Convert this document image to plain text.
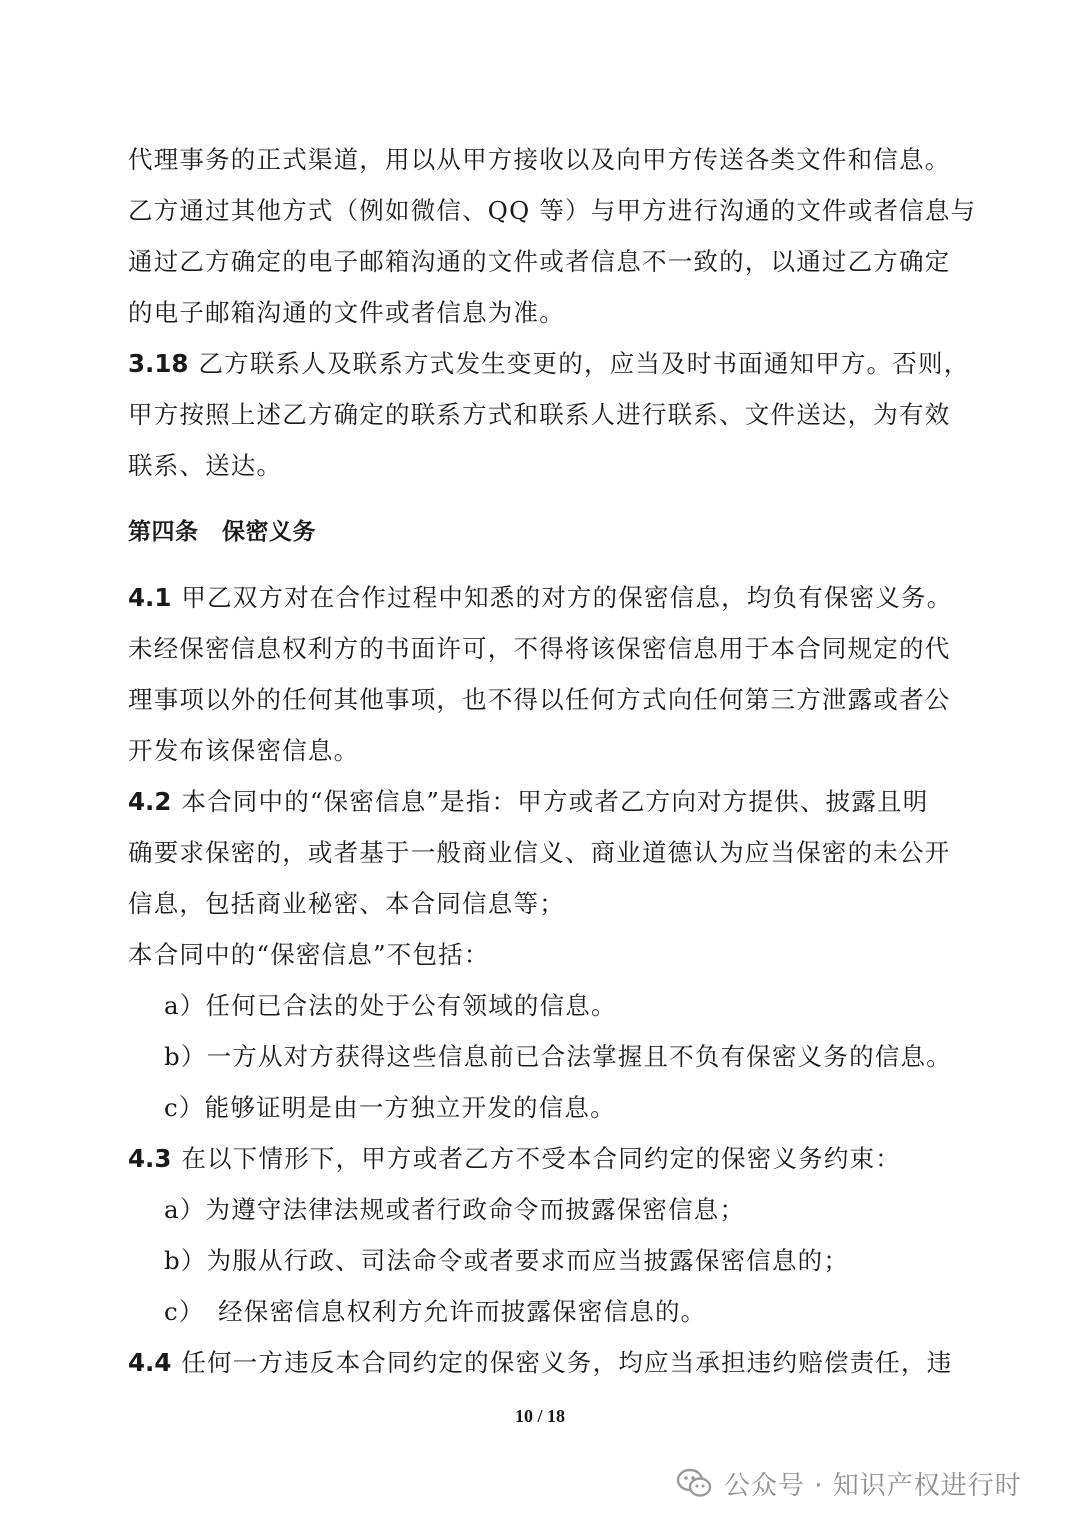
代理事务的正式渠道，用以从甲方接收以及向甲方传送各类文件和信息。
乙方通过其他方式（例如微信、QQ 等）与甲方进行沟通的文件或者信息与
通过乙方确定的电子邮箱沟通的文件或者信息不一致的，以通过乙方确定
的电子邮箱沟通的文件或者信息为准。
3.18 乙方联系人及联系方式发生变更的，应当及时书面通知甲方。否则，
甲方按照上述乙方确定的联系方式和联系人进行联系、文件送达，为有效
联系、送达。
第四条　保密义务
4.1 甲乙双方对在合作过程中知悉的对方的保密信息，均负有保密义务。
未经保密信息权利方的书面许可，不得将该保密信息用于本合同规定的代
理事项以外的任何其他事项，也不得以任何方式向任何第三方泄露或者公
开发布该保密信息。
4.2 本合同中的“保密信息”是指：甲方或者乙方向对方提供、披露且明
确要求保密的，或者基于一般商业信义、商业道德认为应当保密的未公开
信息，包括商业秘密、本合同信息等；
本合同中的“保密信息”不包括：
a）任何已合法的处于公有领域的信息。
b）一方从对方获得这些信息前已合法掌握且不负有保密义务的信息。
c）能够证明是由一方独立开发的信息。
4.3 在以下情形下，甲方或者乙方不受本合同约定的保密义务约束：
a）为遵守法律法规或者行政命令而披露保密信息；
b）为服从行政、司法命令或者要求而应当披露保密信息的；
c）　经保密信息权利方允许而披露保密信息的。
4.4 任何一方违反本合同约定的保密义务，均应当承担违约赔偿责任，违
10 / 18
公众号 · 知识产权进行时
